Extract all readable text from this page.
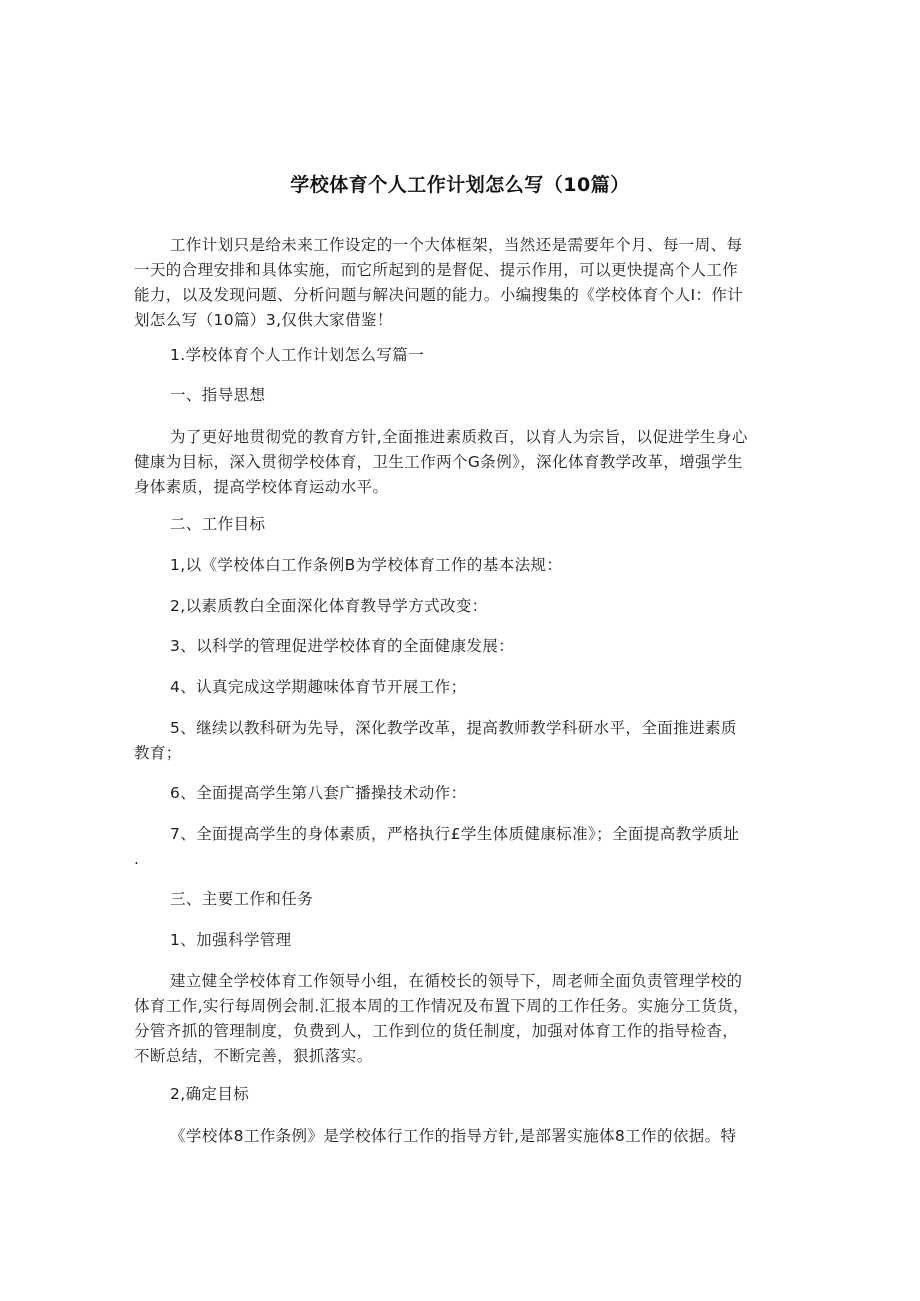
学校体育个人工作计划怎么写（10篇）
工作计划只是给未来工作设定的一个大体框架，当然还是需要年个月、每一周、每
一天的合理安排和具体实施，而它所起到的是督促、提示作用，可以更快提高个人工作
能力，以及发现问题、分析问题与解决问题的能力。小编搜集的《学校体育个人I：作计
划怎么写（10篇）3,仅供大家借鉴！
1.学校体育个人工作计划怎么写篇一
一、指导思想
为了更好地贯彻党的教育方针,全面推进素质救百，以育人为宗旨，以促进学生身心
健康为目标，深入贯彻学校体育，卫生工作两个G条例》，深化体育教学改革，增强学生
身体素质，提高学校体育运动水平。
二、工作目标
1,以《学校体白工作条例B为学校体育工作的基本法规：
2,以素质教白全面深化体育教导学方式改变：
3、以科学的管理促进学校体育的全面健康发展：
4、认真完成这学期趣味体育节开展工作；
5、继续以教科研为先导，深化教学改革，提高教师教学科研水平，全面推进素质
教育；
6、全面提高学生第八套广播操技术动作：
7、全面提高学生的身体素质，严格执行£学生体质健康标准》；全面提高教学质址
.
三、主要工作和任务
1、加强科学管理
建立健全学校体育工作领导小组，在循校长的领导下，周老师全面负责管理学校的
体育工作,实行每周例会制.汇报本周的工作情况及布置下周的工作任务。实施分工货货，
分管齐抓的管理制度，负费到人，工作到位的货任制度，加强对体育工作的指导检杳，
不断总结，不断完善，狠抓落实。
2,确定目标
《学校体8工作条例》是学校体行工作的指导方针,是部署实施体8工作的依据。特
